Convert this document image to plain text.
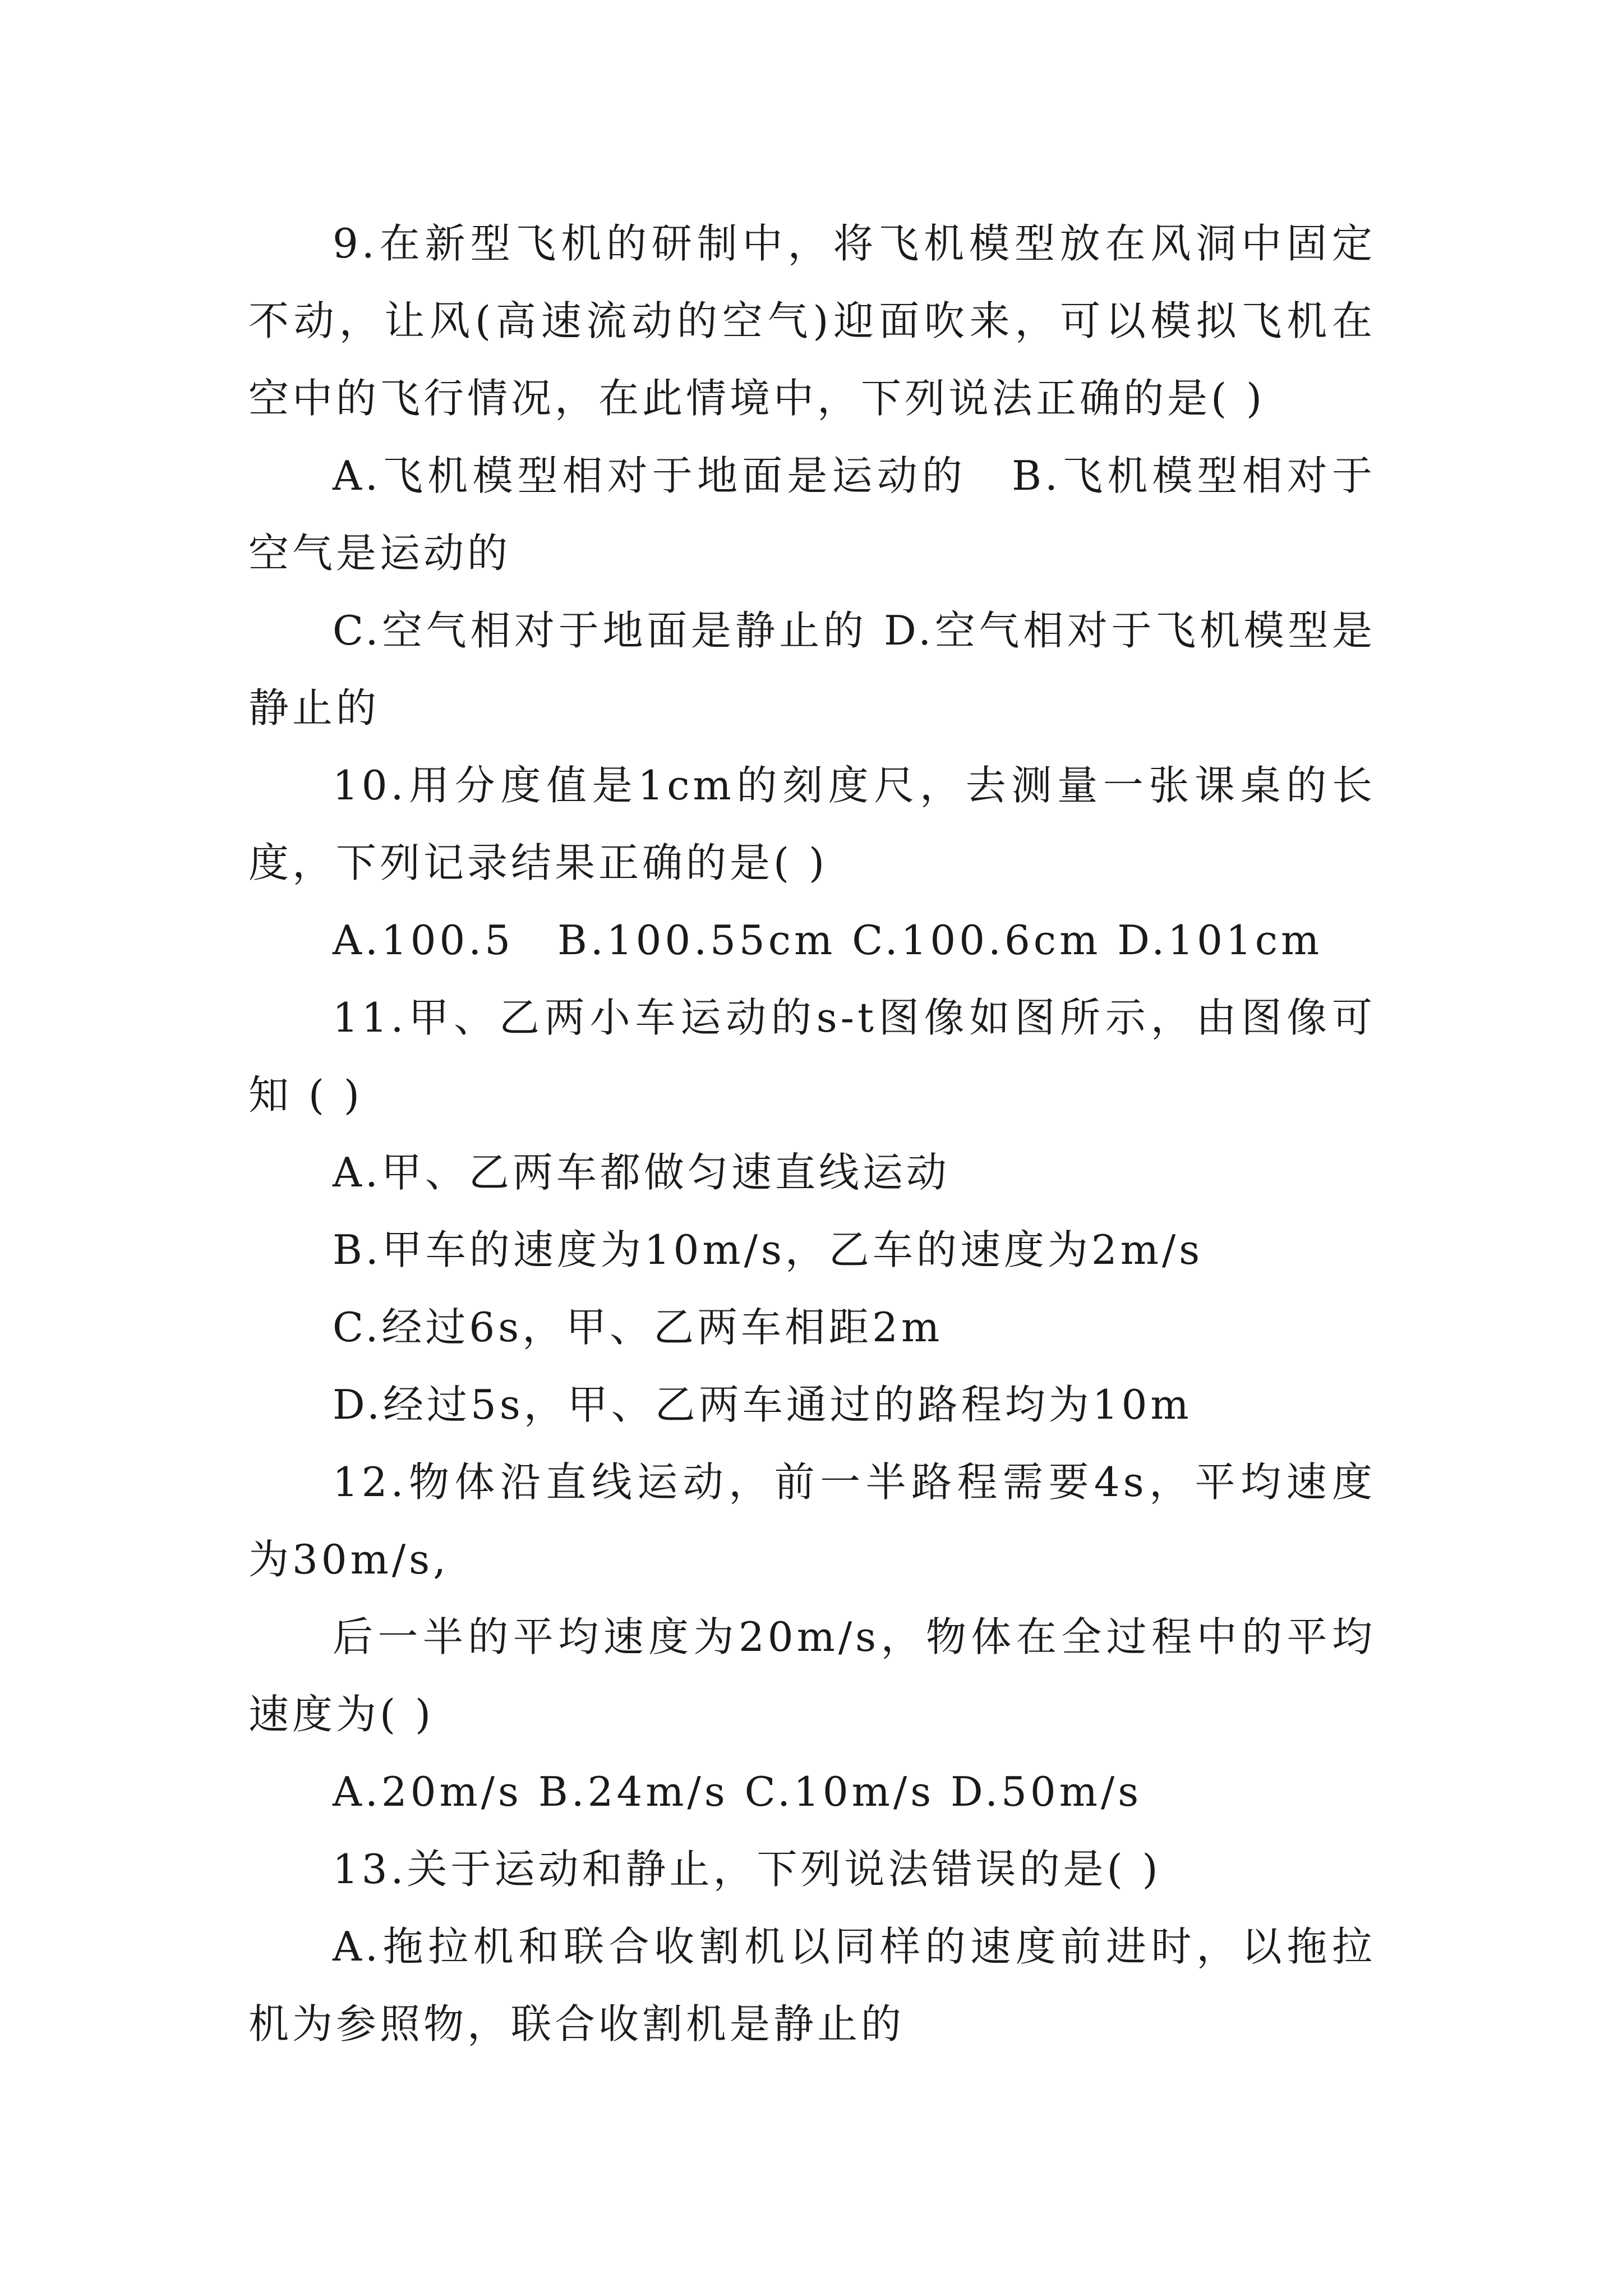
9.在新型飞机的研制中，将飞机模型放在风洞中固定不动，让风(高速流动的空气)迎面吹来，可以模拟飞机在空中的飞行情况，在此情境中，下列说法正确的是( )

A.飞机模型相对于地面是运动的　B.飞机模型相对于空气是运动的

C.空气相对于地面是静止的 D.空气相对于飞机模型是静止的

10.用分度值是1cm的刻度尺，去测量一张课桌的长度，下列记录结果正确的是( )

A.100.5　B.100.55cm C.100.6cm D.101cm

11.甲、乙两小车运动的s-t图像如图所示，由图像可知 ( )

A.甲、乙两车都做匀速直线运动

B.甲车的速度为10m/s，乙车的速度为2m/s

C.经过6s，甲、乙两车相距2m

D.经过5s，甲、乙两车通过的路程均为10m

12.物体沿直线运动，前一半路程需要4s，平均速度为30m/s,

后一半的平均速度为20m/s，物体在全过程中的平均速度为( )

A.20m/s B.24m/s C.10m/s D.50m/s

13.关于运动和静止，下列说法错误的是( )

A.拖拉机和联合收割机以同样的速度前进时，以拖拉机为参照物，联合收割机是静止的
